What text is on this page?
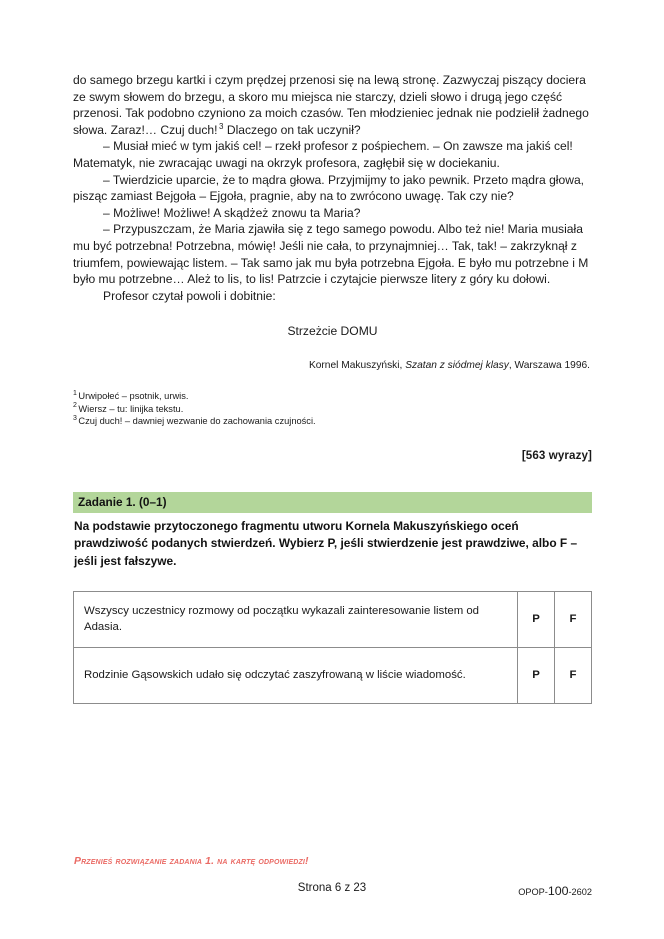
do samego brzegu kartki i czym prędzej przenosi się na lewą stronę. Zazwyczaj piszący dociera ze swym słowem do brzegu, a skoro mu miejsca nie starczy, dzieli słowo i drugą jego część przenosi. Tak podobno czyniono za moich czasów. Ten młodzieniec jednak nie podzielił żadnego słowa. Zaraz!… Czuj duch! $^3$ Dlaczego on tak uczynił?

– Musiał mieć w tym jakiś cel! – rzekł profesor z pośpiechem. – On zawsze ma jakiś cel! Matematyk, nie zwracając uwagi na okrzyk profesora, zagłębił się w dociekaniu.

– Twierdzicie uparcie, że to mądra głowa. Przyjmijmy to jako pewnik. Przeto mądra głowa, pisząc zamiast Bejgoła – Ejgoła, pragnie, aby na to zwrócono uwagę. Tak czy nie?

– Możliwe! Możliwe! A skądżeż znowu ta Maria?

– Przypuszczam, że Maria zjawiła się z tego samego powodu. Albo też nie! Maria musiała mu być potrzebna! Potrzebna, mówię! Jeśli nie cała, to przynajmniej… Tak, tak! – zakrzyknął z triumfem, powiewając listem. – Tak samo jak mu była potrzebna Ejgoła. E było mu potrzebne i M było mu potrzebne… Ależ to lis, to lis! Patrzcie i czytajcie pierwsze litery z góry ku dołowi.

Profesor czytał powoli i dobitnie:

Strzeżcie DOMU

Kornel Makuszyński, Szatan z siódmej klasy, Warszawa 1996.

$^1$ Urwipołeć – psotnik, urwis.
$^2$ Wiersz – tu: linijka tekstu.
$^3$ Czuj duch! – dawniej wezwanie do zachowania czujności.
[563 wyrazy]
Zadanie 1. (0–1)
Na podstawie przytoczonego fragmentu utworu Kornela Makuszyńskiego oceń prawdziwość podanych stwierdzeń. Wybierz P, jeśli stwierdzenie jest prawdziwe, albo F – jeśli jest fałszywe.
Wszyscy uczestnicy rozmowy od początku wykazali zainteresowanie listem od Adasia.	P	F
Rodzinie Gąsowskich udało się odczytać zaszyfrowaną w liście wiadomość.	P	F
Przenieś rozwiązanie zadania 1. na kartę odpowiedzi!
Strona 6 z 23	OPOP-100-2602
